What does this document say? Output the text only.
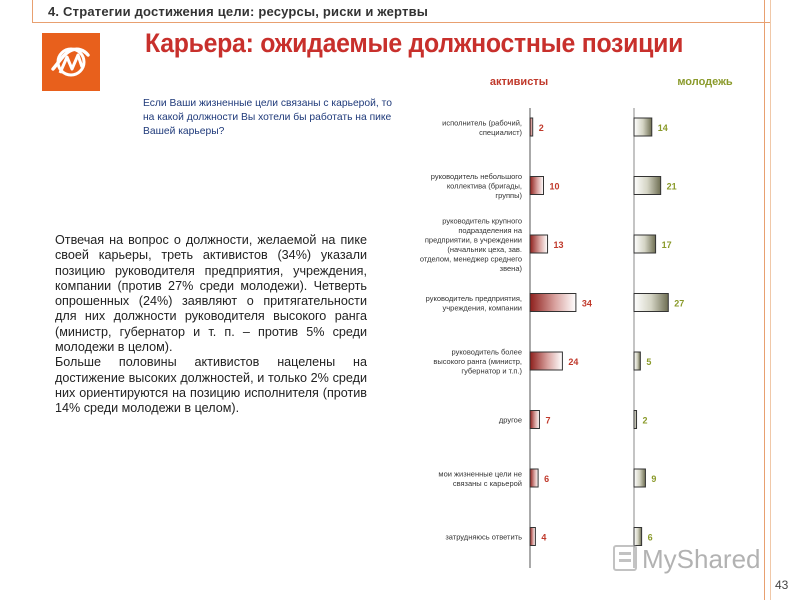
4. Стратегии достижения цели: ресурсы, риски и жертвы
Карьера: ожидаемые должностные позиции
Если Ваши жизненные цели связаны с карьерой, то на какой должности Вы хотели бы работать на пике Вашей карьеры?

Отвечая на вопрос о должности, желаемой на пике своей карьеры, треть активистов (34%) указали позицию руководителя предприятия, учреждения, компании (против 27% среди молодежи). Четверть опрошенных (24%) заявляют о притягательности для них должности руководителя высокого ранга (министр, губернатор и т. п. – против 5% среди молодежи в целом).

Больше половины активистов нацелены на достижение высоких должностей, и только 2% среди них ориентируются на позицию исполнителя (против 14% среди молодежи в целом).

активисты	молодежь
исполнитель (рабочий, специалист) 2	14
руководитель небольшого коллектива (бригады, группы)
10	21
руководитель крупного подразделения на предприятии, в учреждении (начальник цеха, зав. отделом, менеджер среднего звена)
13	17
руководитель предприятия, учреждения, компании	34	27
руководитель более высокого ранга (министр, губернатор и т.п.)
24	5
другое	7	2
мои жизненные цели не связаны с карьерой 6	9
затрудняюсь ответить 4	6
MyShared
43
